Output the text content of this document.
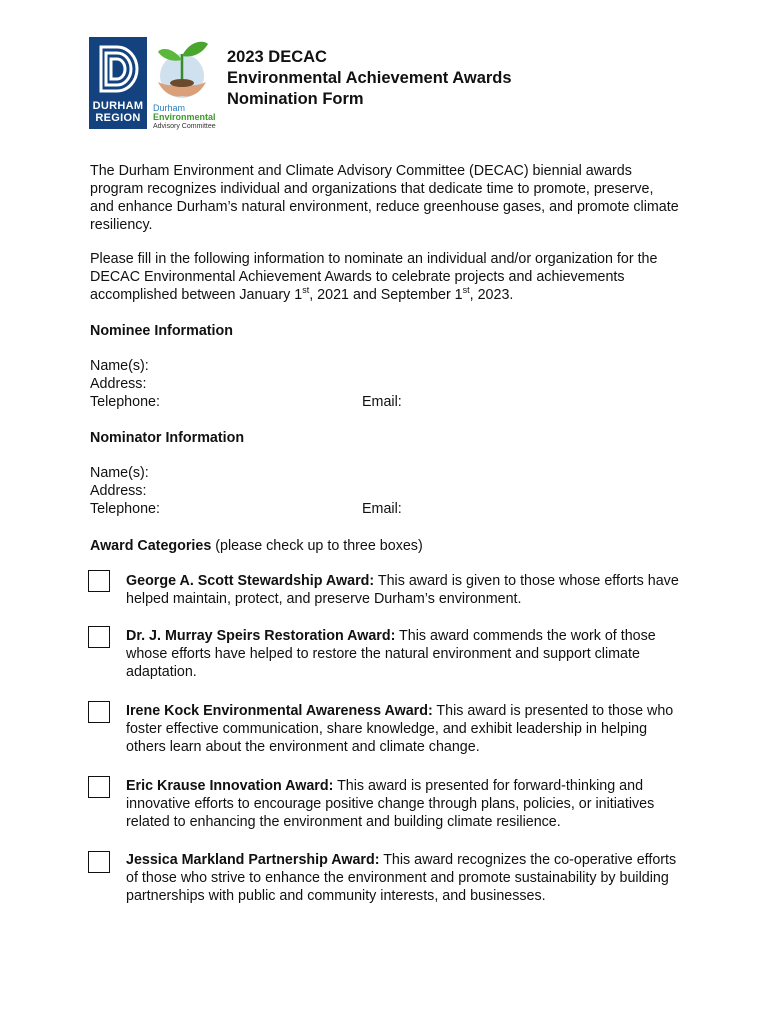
DURHAM
REGION
Durham
Environmental
Advisory Committee
2023 DECAC
Environmental Achievement Awards
Nomination Form

The Durham Environment and Climate Advisory Committee (DECAC) biennial awards program recognizes individual and organizations that dedicate time to promote, preserve, and enhance Durham’s natural environment, reduce greenhouse gases, and promote climate resiliency.

Please fill in the following information to nominate an individual and/or organization for the DECAC Environmental Achievement Awards to celebrate projects and achievements accomplished between January 1st, 2021 and September 1st, 2023.

Nominee Information
Name(s):
Address:
Telephone:	Email:
Nominator Information
Name(s):
Address:
Telephone:	Email:
Award Categories (please check up to three boxes)

George A. Scott Stewardship Award: This award is given to those whose efforts have helped maintain, protect, and preserve Durham’s environment.

Dr. J. Murray Speirs Restoration Award: This award commends the work of those whose efforts have helped to restore the natural environment and support climate adaptation.

Irene Kock Environmental Awareness Award: This award is presented to those who foster effective communication, share knowledge, and exhibit leadership in helping others learn about the environment and climate change.

Eric Krause Innovation Award: This award is presented for forward-thinking and innovative efforts to encourage positive change through plans, policies, or initiatives related to enhancing the environment and building climate resilience.

Jessica Markland Partnership Award: This award recognizes the co-operative efforts of those who strive to enhance the environment and promote sustainability by building partnerships with public and community interests, and businesses.
